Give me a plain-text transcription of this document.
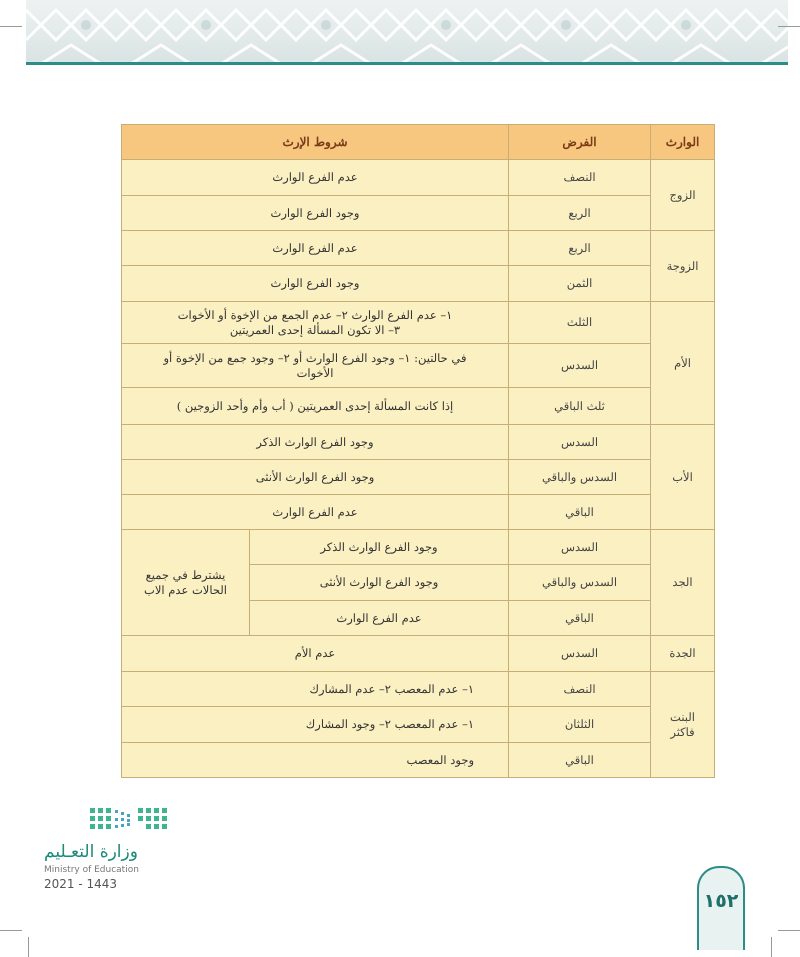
الوارث	الفرض	شروط الإرث	
الزوج	النصف	عدم الفرع الوارث	
	الربع	وجود الفرع الوارث	
الزوجة	الربع	عدم الفرع الوارث	
	الثمن	وجود الفرع الوارث	
الأم	الثلث	١– عدم الفرع الوارث ٢– عدم الجمع من الإخوة أو الأخوات
٣– الا تكون المسألة إحدى العمريتين	

	السدس	في حالتين: ١– وجود الفرع الوارث أو ٢– وجود جمع من الإخوة أو
الأخوات	

	ثلث الباقي	إذا كانت المسألة إحدى العمريتين ( أب وأم وأحد الزوجين )	
الأب	السدس	وجود الفرع الوارث الذكر	
	السدس والباقي	وجود الفرع الوارث الأنثى	
	الباقي	عدم الفرع الوارث	
الجد	السدس	وجود الفرع الوارث الذكر	يشترط في جميع
الحالات عدم الاب

	السدس والباقي	وجود الفرع الوارث الأنثى	
	الباقي	عدم الفرع الوارث	
الجدة	السدس	عدم الأم	

البنت
فاكثر	النصف	١– عدم المعصب ٢– عدم المشارك	
	الثلثان	١– عدم المعصب ٢– وجود المشارك	
	الباقي	وجود المعصب	
وزارة التعـليم
Ministry of Education
2021 - 1443
١٥٢
